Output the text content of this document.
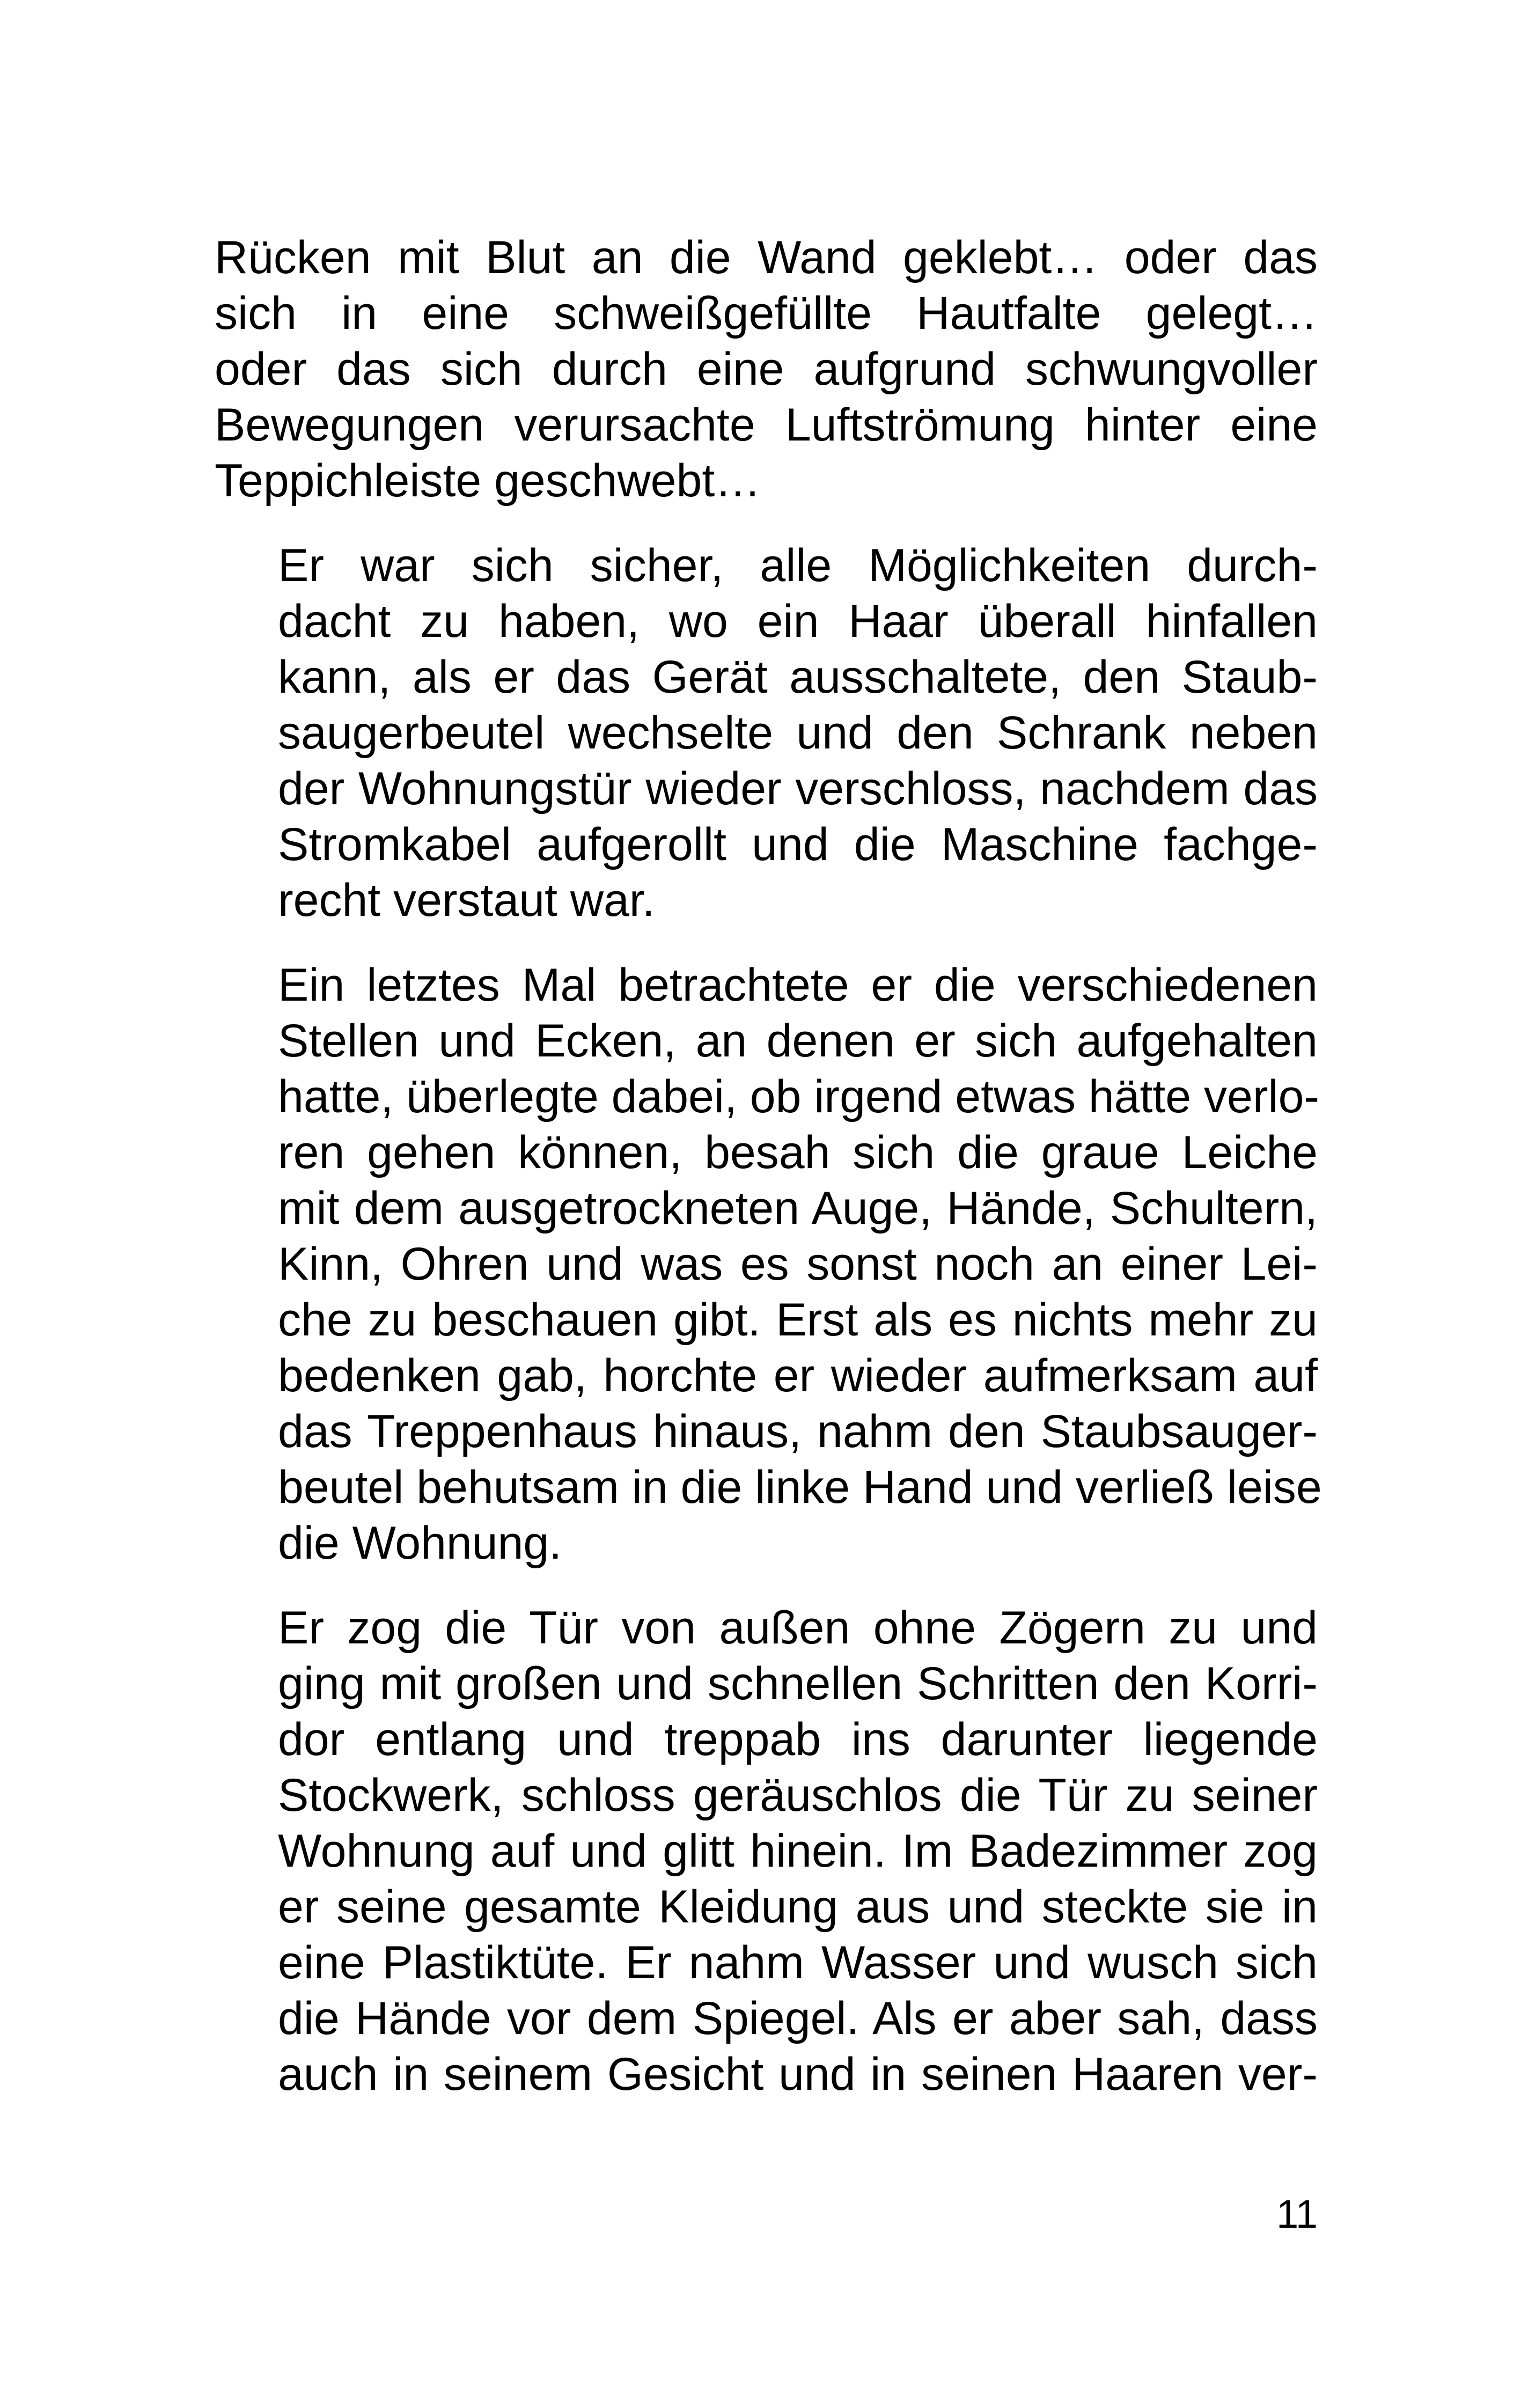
Rücken mit Blut an die Wand geklebt… oder das
sich in eine schweißgefüllte Hautfalte gelegt…
oder das sich durch eine aufgrund schwungvoller
Bewegungen verursachte Luftströmung hinter eine
Teppichleiste geschwebt…

Er war sich sicher, alle Möglichkeiten durch-
dacht zu haben, wo ein Haar überall hinfallen
kann, als er das Gerät ausschaltete, den Staub-
saugerbeutel wechselte und den Schrank neben
der Wohnungstür wieder verschloss, nachdem das
Stromkabel aufgerollt und die Maschine fachge-
recht verstaut war.

Ein letztes Mal betrachtete er die verschiedenen
Stellen und Ecken, an denen er sich aufgehalten
hatte, überlegte dabei, ob irgend etwas hätte verlo-
ren gehen können, besah sich die graue Leiche
mit dem ausgetrockneten Auge, Hände, Schultern,
Kinn, Ohren und was es sonst noch an einer Lei-
che zu beschauen gibt. Erst als es nichts mehr zu
bedenken gab, horchte er wieder aufmerksam auf
das Treppenhaus hinaus, nahm den Staubsauger-
beutel behutsam in die linke Hand und verließ leise
die Wohnung.

Er zog die Tür von außen ohne Zögern zu und
ging mit großen und schnellen Schritten den Korri-
dor entlang und treppab ins darunter liegende
Stockwerk, schloss geräuschlos die Tür zu seiner
Wohnung auf und glitt hinein. Im Badezimmer zog
er seine gesamte Kleidung aus und steckte sie in
eine Plastiktüte. Er nahm Wasser und wusch sich
die Hände vor dem Spiegel. Als er aber sah, dass
auch in seinem Gesicht und in seinen Haaren ver-

11
